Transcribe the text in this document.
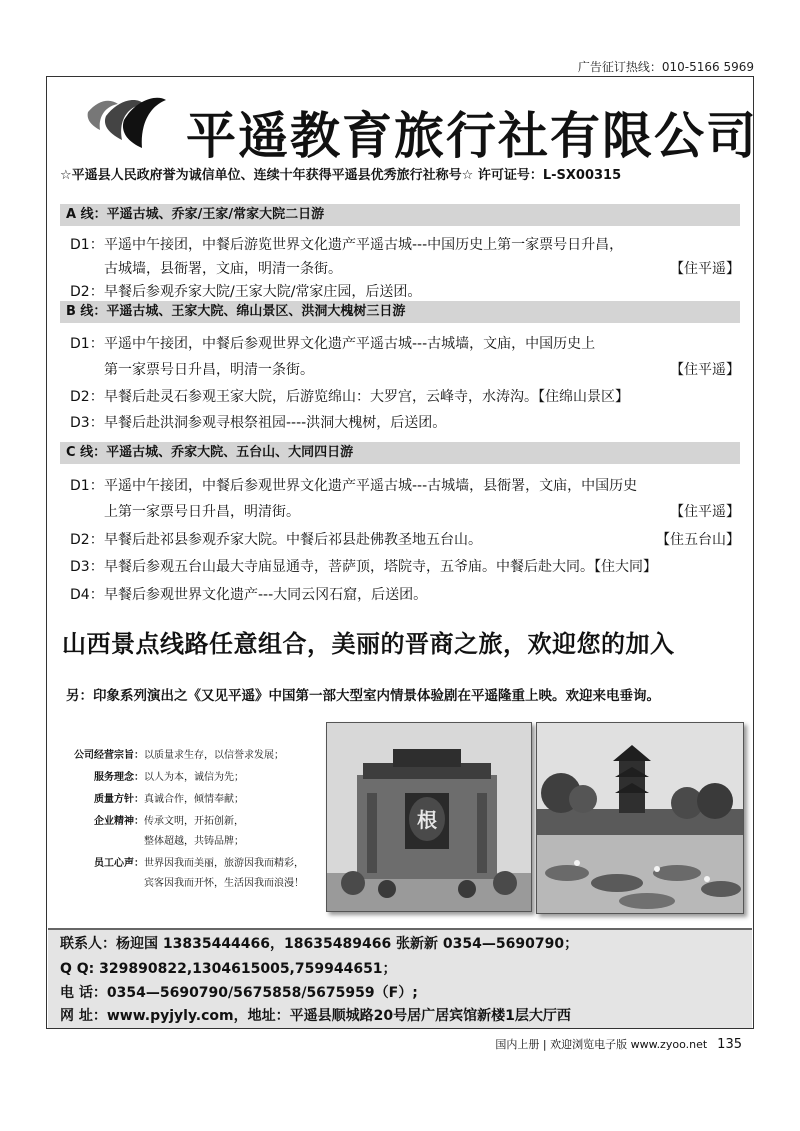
广告征订热线：010-5166 5969
平遥教育旅行社有限公司
☆平遥县人民政府誉为诚信单位、连续十年获得平遥县优秀旅行社称号☆ 许可证号：L-SX00315
A 线：平遥古城、乔家/王家/常家大院二日游
D1：平遥中午接团，中餐后游览世界文化遗产平遥古城---中国历史上第一家票号日升昌，
古城墙，县衙署，文庙，明清一条街。	【住平遥】
D2：早餐后参观乔家大院/王家大院/常家庄园，后送团。
B 线：平遥古城、王家大院、绵山景区、洪洞大槐树三日游
D1：平遥中午接团，中餐后参观世界文化遗产平遥古城---古城墙，文庙，中国历史上
第一家票号日升昌，明清一条街。	【住平遥】
D2：早餐后赴灵石参观王家大院，后游览绵山：大罗宫，云峰寺，水涛沟。【住绵山景区】
D3：早餐后赴洪洞参观寻根祭祖园----洪洞大槐树，后送团。
C 线：平遥古城、乔家大院、五台山、大同四日游
D1：平遥中午接团，中餐后参观世界文化遗产平遥古城---古城墙，县衙署，文庙，中国历史
上第一家票号日升昌，明清街。	【住平遥】
D2：早餐后赴祁县参观乔家大院。中餐后祁县赴佛教圣地五台山。	【住五台山】
D3：早餐后参观五台山最大寺庙显通寺，菩萨顶，塔院寺，五爷庙。中餐后赴大同。【住大同】
D4：早餐后参观世界文化遗产---大同云冈石窟，后送团。
山西景点线路任意组合，美丽的晋商之旅，欢迎您的加入
另：印象系列演出之《又见平遥》中国第一部大型室内情景体验剧在平遥隆重上映。欢迎来电垂询。
公司经营宗旨：以质量求生存，以信誉求发展；
服务理念：以人为本，诚信为先；
质量方针：真诚合作，倾情奉献；
企业精神：传承文明，开拓创新，
整体超越，共铸品牌；
员工心声：世界因我而美丽，旅游因我而精彩，
宾客因我而开怀，生活因我而浪漫！
根
联系人：杨迎国 13835444466，18635489466 张新新 0354—5690790；
Q Q: 329890822,1304615005,759944651；
电 话：0354—5690790/5675858/5675959（F）;
网 址：www.pyjyly.com，地址：平遥县顺城路20号居广居宾馆新楼1层大厅西
国内上册 | 欢迎浏览电子版 www.zyoo.net 135
